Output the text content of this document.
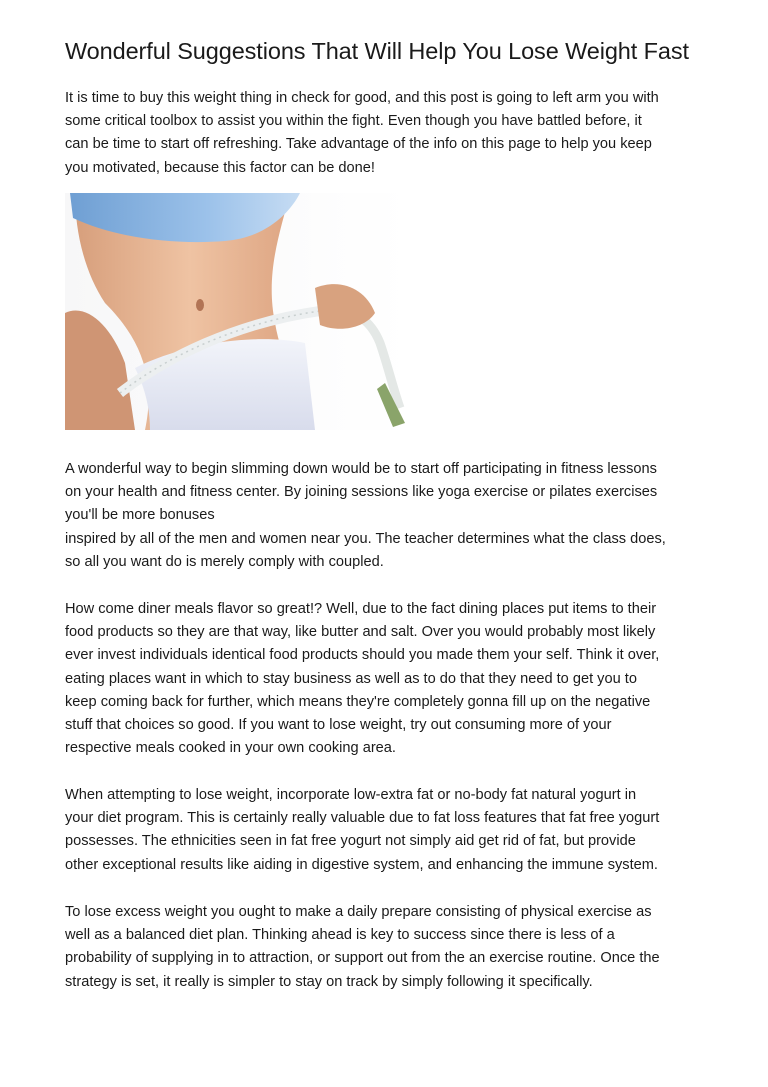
Wonderful Suggestions That Will Help You Lose Weight Fast
It is time to buy this weight thing in check for good, and this post is going to left arm you with
some critical toolbox to assist you within the fight. Even though you have battled before, it
can be time to start off refreshing. Take advantage of the info on this page to help you keep
you motivated, because this factor can be done!
A wonderful way to begin slimming down would be to start off participating in fitness lessons
on your health and fitness center. By joining sessions like yoga exercise or pilates exercises
you'll be more bonuses
inspired by all of the men and women near you. The teacher determines what the class does,
so all you want do is merely comply with coupled.
How come diner meals flavor so great!? Well, due to the fact dining places put items to their
food products so they are that way, like butter and salt. Over you would probably most likely
ever invest individuals identical food products should you made them your self. Think it over,
eating places want in which to stay business as well as to do that they need to get you to
keep coming back for further, which means they're completely gonna fill up on the negative
stuff that choices so good. If you want to lose weight, try out consuming more of your
respective meals cooked in your own cooking area.
When attempting to lose weight, incorporate low-extra fat or no-body fat natural yogurt in
your diet program. This is certainly really valuable due to fat loss features that fat free yogurt
possesses. The ethnicities seen in fat free yogurt not simply aid get rid of fat, but provide
other exceptional results like aiding in digestive system, and enhancing the immune system.
To lose excess weight you ought to make a daily prepare consisting of physical exercise as
well as a balanced diet plan. Thinking ahead is key to success since there is less of a
probability of supplying in to attraction, or support out from the an exercise routine. Once the
strategy is set, it really is simpler to stay on track by simply following it specifically.
